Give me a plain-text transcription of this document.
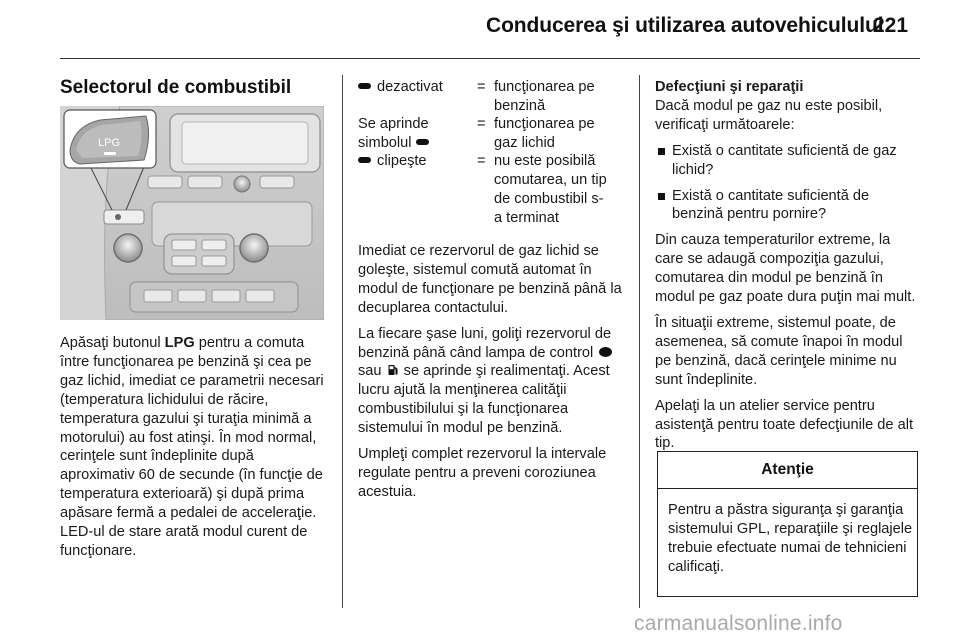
Conducerea şi utilizarea autovehiculului
221
Selectorul de combustibil
LPG
Apăsaţi butonul LPG pentru a comuta între funcţionarea pe benzină şi cea pe gaz lichid, imediat ce parametrii necesari (temperatura lichidului de răcire, temperatura gazului şi turaţia minimă a motorului) au fost atinşi. În mod normal, cerinţele sunt îndeplinite după aproximativ 60 de secunde (în funcţie de temperatura exterioară) şi după prima apăsare fermă a pedalei de acceleraţie. LED-ul de stare arată modul curent de funcţionare.
dezactivat	= funcţionarea pe
benzină
Se aprinde
simbolul
= funcţionarea pe
gaz lichid
clipeşte	= nu este posibilă
comutarea, un tip
de combustibil s-
a terminat

Imediat ce rezervorul de gaz lichid se goleşte, sistemul comută automat în modul de funcţionare pe benzină până la decuplarea contactului.

La fiecare şase luni, goliţi rezervorul de benzină până când lampa de control  sau  se aprinde şi realimentaţi. Acest lucru ajută la menţinerea calităţii combustibilului şi la funcţionarea sistemului în modul pe benzină.

Umpleţi complet rezervorul la intervale regulate pentru a preveni coroziunea acestuia.

Defecţiuni şi reparaţii

Dacă modul pe gaz nu este posibil, verificaţi următoarele:

Există o cantitate suficientă de gaz lichid?
Există o cantitate suficientă de benzină pentru pornire?

Din cauza temperaturilor extreme, la care se adaugă compoziţia gazului, comutarea din modul pe benzină în modul pe gaz poate dura puţin mai mult.

În situaţii extreme, sistemul poate, de asemenea, să comute înapoi în modul pe benzină, dacă cerinţele minime nu sunt îndeplinite.

Apelaţi la un atelier service pentru asistenţă pentru toate defecţiunile de alt tip.

Atenţie
Pentru a păstra siguranţa şi garanţia sistemului GPL, reparaţiile şi reglajele trebuie efectuate numai de tehnicieni calificaţi.
carmanualsonline.info
